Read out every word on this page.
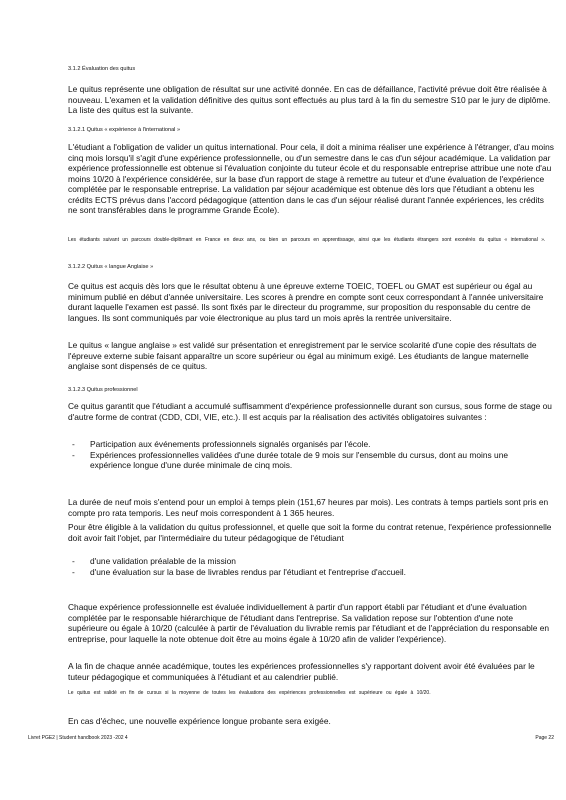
3.1.2 Évaluation des quitus

Le quitus représente une obligation de résultat sur une activité donnée. En cas de défaillance, l'activité prévue doit être réalisée à nouveau. L'examen et la validation définitive des quitus sont effectués au plus tard à la fin du semestre S10 par le jury de diplôme. La liste des quitus est la suivante.

3.1.2.1 Quitus « expérience à l'international »

L'étudiant a l'obligation de valider un quitus international. Pour cela, il doit a minima réaliser une expérience à l'étranger, d'au moins cinq mois lorsqu'il s'agit d'une expérience professionnelle, ou d'un semestre dans le cas d'un séjour académique. La validation par expérience professionnelle est obtenue si l'évaluation conjointe du tuteur école et du responsable entreprise attribue une note d'au moins 10/20 à l'expérience considérée, sur la base d'un rapport de stage à remettre au tuteur et d'une évaluation de l'expérience complétée par le responsable entreprise. La validation par séjour académique est obtenue dès lors que l'étudiant a obtenu les crédits ECTS prévus dans l'accord pédagogique (attention dans le cas d'un séjour réalisé durant l'année expériences, les crédits ne sont transférables dans le programme Grande École).

Les étudiants suivant un parcours double-diplômant en France en deux ans, ou bien un parcours en apprentissage, ainsi que les étudiants étrangers sont exonérés du quitus « international ».

3.1.2.2 Quitus « langue Anglaise »

Ce quitus est acquis dès lors que le résultat obtenu à une épreuve externe TOEIC, TOEFL ou GMAT est supérieur ou égal au minimum publié en début d'année universitaire. Les scores à prendre en compte sont ceux correspondant à l'année universitaire durant laquelle l'examen est passé. Ils sont fixés par le directeur du programme, sur proposition du responsable du centre de langues. Ils sont communiqués par voie électronique au plus tard un mois après la rentrée universitaire.

Le quitus « langue anglaise » est validé sur présentation et enregistrement par le service scolarité d'une copie des résultats de l'épreuve externe subie faisant apparaître un score supérieur ou égal au minimum exigé. Les étudiants de langue maternelle anglaise sont dispensés de ce quitus.

3.1.2.3 Quitus professionnel

Ce quitus garantit que l'étudiant a accumulé suffisamment d'expérience professionnelle durant son cursus, sous forme de stage ou d'autre forme de contrat (CDD, CDI, VIE, etc.). Il est acquis par la réalisation des activités obligatoires suivantes :

- Participation aux événements professionnels signalés organisés par l'école.
- Expériences professionnelles validées d'une durée totale de 9 mois sur l'ensemble du cursus, dont au moins une expérience longue d'une durée minimale de cinq mois.

La durée de neuf mois s'entend pour un emploi à temps plein (151,67 heures par mois). Les contrats à temps partiels sont pris en compte pro rata temporis. Les neuf mois correspondent à 1 365 heures.

Pour être éligible à la validation du quitus professionnel, et quelle que soit la forme du contrat retenue, l'expérience professionnelle doit avoir fait l'objet, par l'intermédiaire du tuteur pédagogique de l'étudiant

- d'une validation préalable de la mission
- d'une évaluation sur la base de livrables rendus par l'étudiant et l'entreprise d'accueil.

Chaque expérience professionnelle est évaluée individuellement à partir d'un rapport établi par l'étudiant et d'une évaluation complétée par le responsable hiérarchique de l'étudiant dans l'entreprise. Sa validation repose sur l'obtention d'une note supérieure ou égale à 10/20 (calculée à partir de l'évaluation du livrable remis par l'étudiant et de l'appréciation du responsable en entreprise, pour laquelle la note obtenue doit être au moins égale à 10/20 afin de valider l'expérience).

A la fin de chaque année académique, toutes les expériences professionnelles s'y rapportant doivent avoir été évaluées par le tuteur pédagogique et communiquées à l'étudiant et au calendrier publié.

Le quitus est validé en fin de cursus si la moyenne de toutes les évaluations des expériences professionnelles est supérieure ou égale à 10/20.

En cas d'échec, une nouvelle expérience longue probante sera exigée.

Livret PGE2 | Student handbook 2023 -202 4	Page 22
